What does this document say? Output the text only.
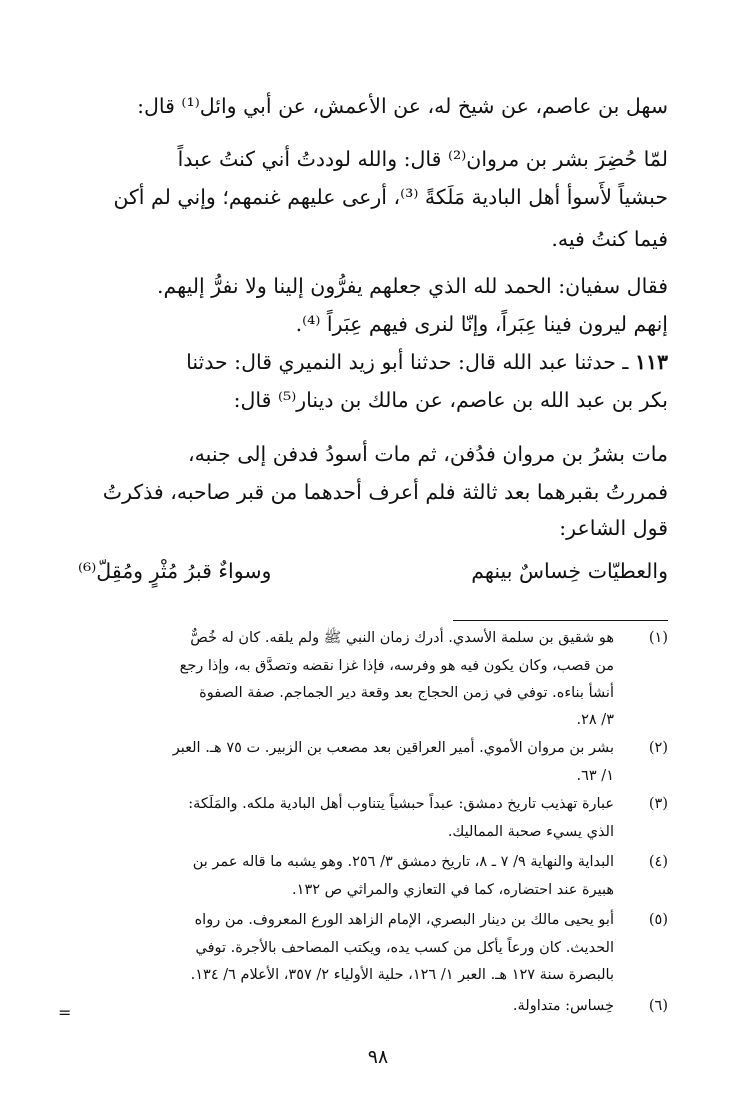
سهل بن عاصم، عن شيخ له، عن الأعمش، عن أبي وائل⁽¹⁾ قال:
لمّا حُضِرَ بشر بن مروان⁽²⁾ قال: والله لوددتُ أني كنتُ عبداً
حبشياً لأَسوأ أهل البادية مَلَكةً ⁽³⁾، أرعى عليهم غنمهم؛ وإني لم أكن
فيما كنتُ فيه.
فقال سفيان: الحمد لله الذي جعلهم يفرُّون إلينا ولا نفرُّ إليهم.
إنهم ليرون فينا عِبَراً، وإنّا لنرى فيهم عِبَراً ⁽⁴⁾.
١١٣ ـ حدثنا عبد الله قال: حدثنا أبو زيد النميري قال: حدثنا
بكر بن عبد الله بن عاصم، عن مالك بن دينار⁽⁵⁾ قال:
مات بشرُ بن مروان فدُفن، ثم مات أسودُ فدفن إلى جنبه،
فمررتُ بقبرهما بعد ثالثة فلم أعرف أحدهما من قبر صاحبه، فذكرتُ
قول الشاعر:
والعطيّات خِساسٌ بينهم
وسواءٌ قبرُ مُثْرٍ ومُقِلّ⁽⁶⁾
(١)
هو شقيق بن سلمة الأسدي. أدرك زمان النبي ﷺ ولم يلقه. كان له خُصٌّ
من قصب، وكان يكون فيه هو وفرسه، فإذا غزا نقضه وتصدَّق به، وإذا رجع
أنشأ بناءه. توفي في زمن الحجاج بعد وقعة دير الجماجم. صفة الصفوة
٣/ ٢٨.
(٢)
بشر بن مروان الأموي. أمير العراقين بعد مصعب بن الزبير. ت ٧٥ هـ. العبر
١/ ٦٣.
(٣)
عبارة تهذيب تاريخ دمشق: عبداً حبشياً يتناوب أهل البادية ملكه. والمَلَكة:
الذي يسيء صحبة المماليك.
(٤)
البداية والنهاية ٩/ ٧ ـ ٨، تاريخ دمشق ٣/ ٢٥٦. وهو يشبه ما قاله عمر بن
هبيرة عند احتضاره، كما في التعازي والمراثي ص ١٣٢.
(٥)
أبو يحيى مالك بن دينار البصري، الإمام الزاهد الورع المعروف. من رواه
الحديث. كان ورعاً يأكل من كسب يده، ويكتب المصاحف بالأجرة. توفي
بالبصرة سنة ١٢٧ هـ. العبر ١/ ١٢٦، حلية الأولياء ٢/ ٣٥٧، الأعلام ٦/ ١٣٤.
(٦)
خِساس: متداولة.
=
٩٨
